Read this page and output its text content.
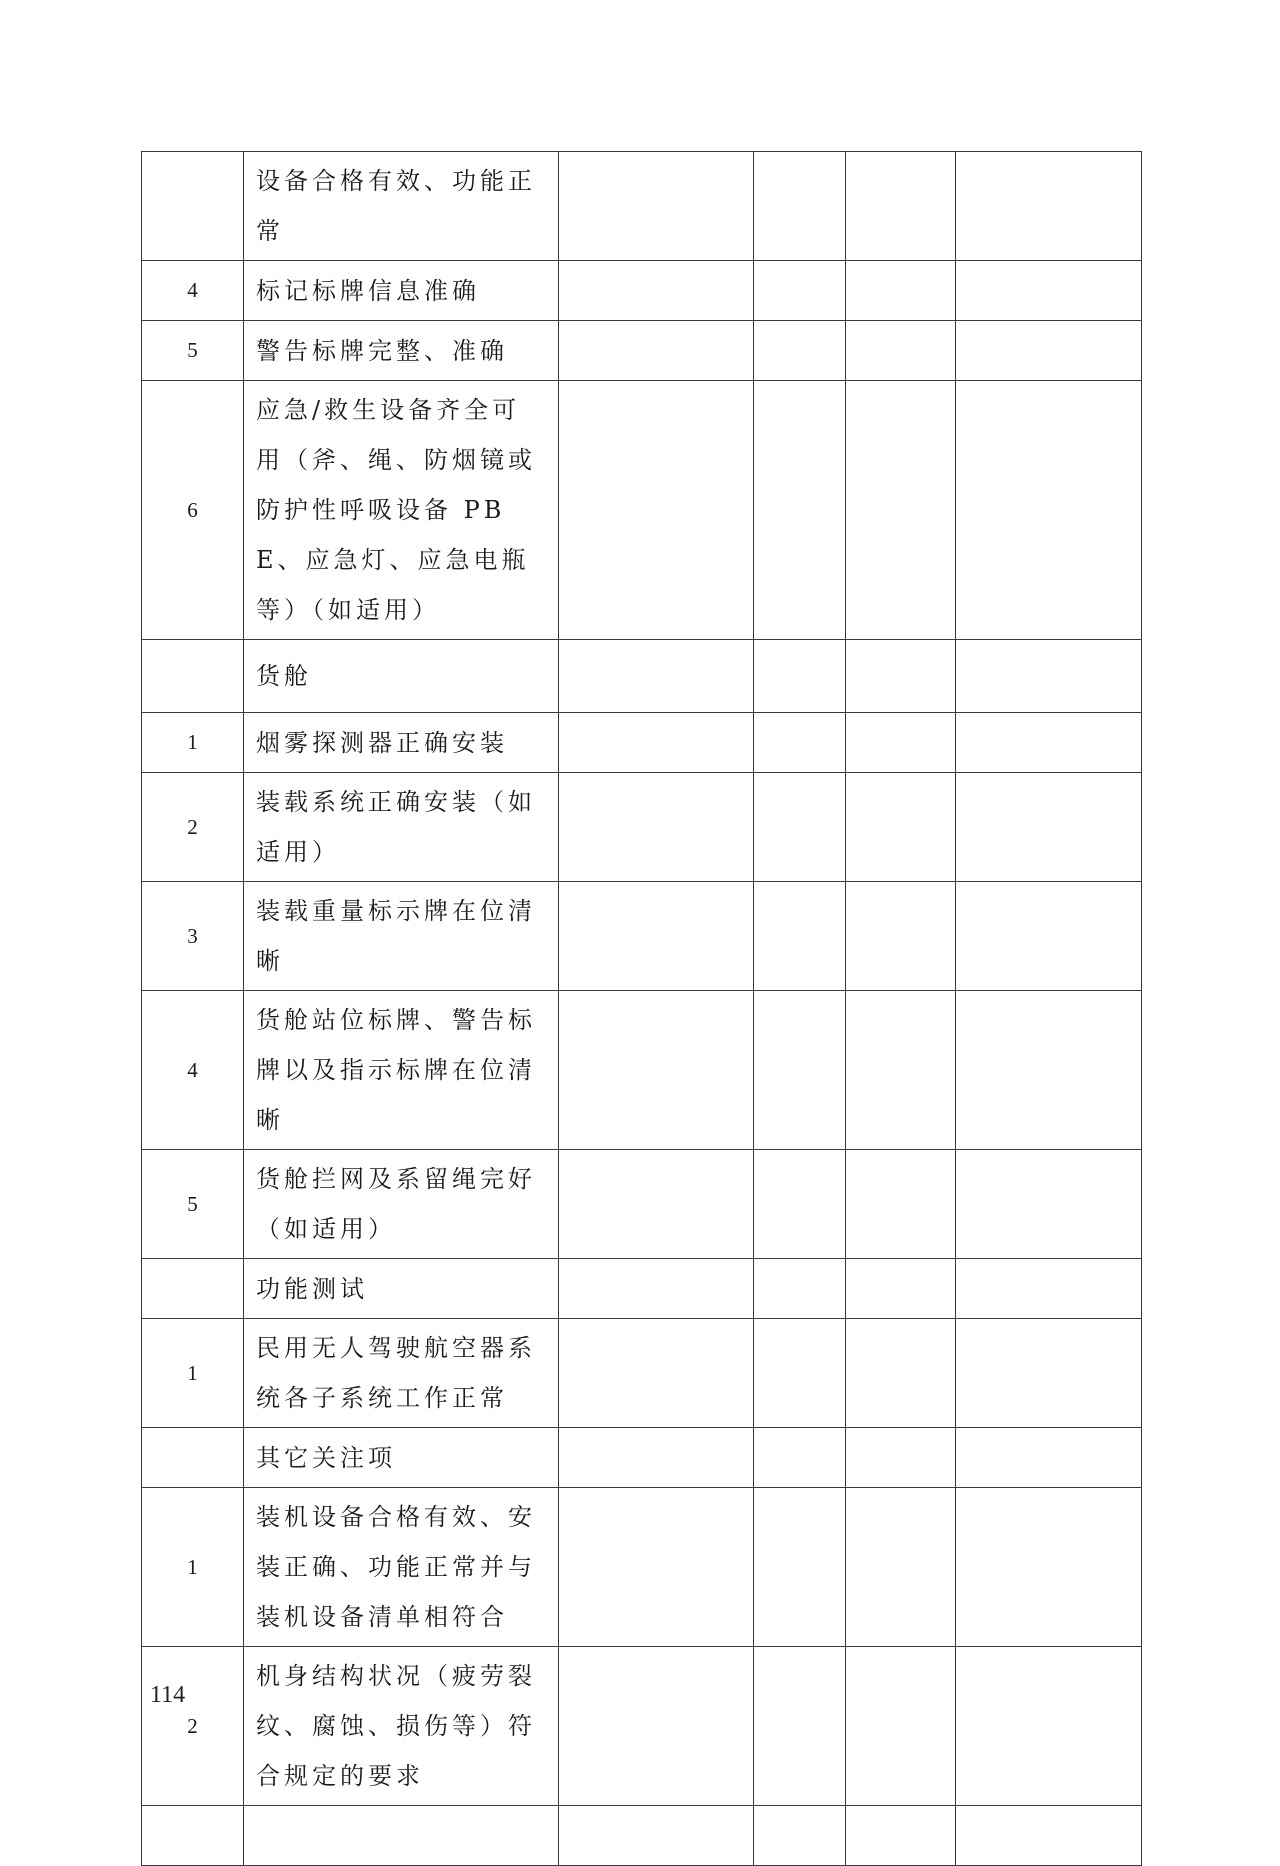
	设备合格有效、功能正常				
4	标记标牌信息准确				
5	警告标牌完整、准确				
6	应急/救生设备齐全可用（斧、绳、防烟镜或防护性呼吸设备 PBE、应急灯、应急电瓶等）（如适用）				
	货舱				
1	烟雾探测器正确安装				
2	装载系统正确安装（如适用）				
3	装载重量标示牌在位清晰				
4	货舱站位标牌、警告标牌以及指示标牌在位清晰				
5	货舱拦网及系留绳完好（如适用）				
	功能测试				
1	民用无人驾驶航空器系统各子系统工作正常				
	其它关注项				
1	装机设备合格有效、安装正确、功能正常并与装机设备清单相符合				
2	机身结构状况（疲劳裂纹、腐蚀、损伤等）符合规定的要求				

114
